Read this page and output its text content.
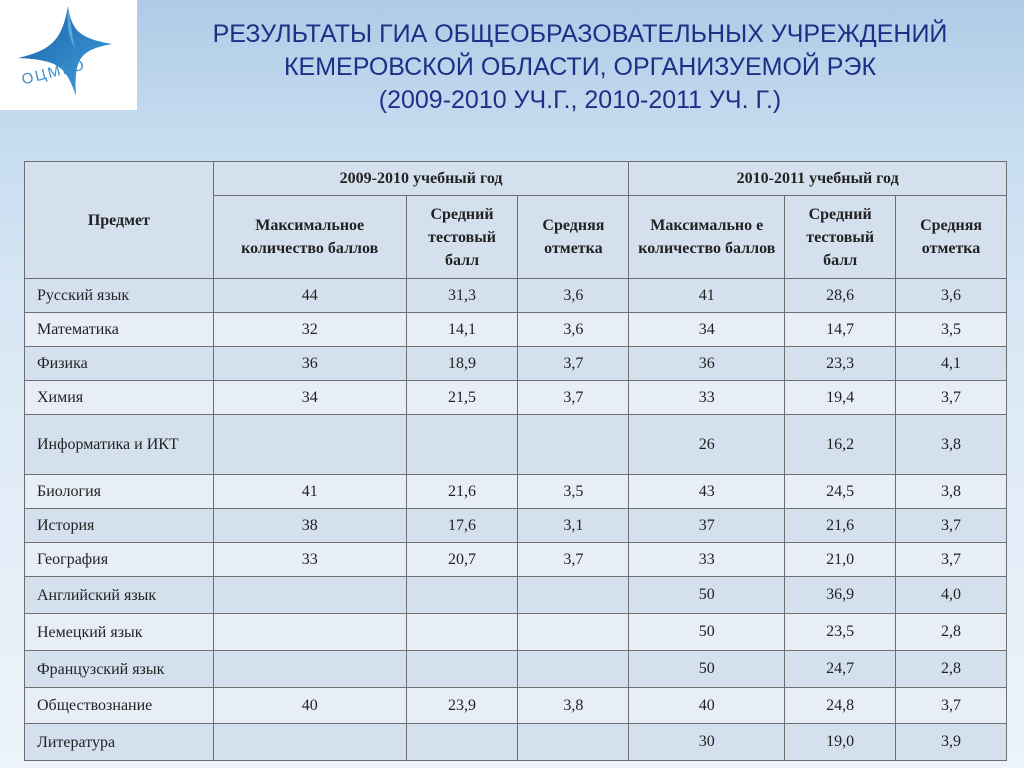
ОЦМКО
РЕЗУЛЬТАТЫ ГИА ОБЩЕОБРАЗОВАТЕЛЬНЫХ УЧРЕЖДЕНИЙ
КЕМЕРОВСКОЙ ОБЛАСТИ, ОРГАНИЗУЕМОЙ РЭК
(2009-2010 УЧ.Г., 2010-2011 УЧ. Г.)
Предмет	2009-2010 учебный год			2010-2011 учебный год		
	Максимальное количество баллов	Средний тестовый балл	Средняя отметка	Максимально е количество баллов	Средний тестовый балл	Средняя отметка
Русский язык	44	31,3	3,6	41	28,6	3,6
Математика	32	14,1	3,6	34	14,7	3,5
Физика	36	18,9	3,7	36	23,3	4,1
Химия	34	21,5	3,7	33	19,4	3,7
Информатика и ИКТ				26	16,2	3,8
Биология	41	21,6	3,5	43	24,5	3,8
История	38	17,6	3,1	37	21,6	3,7
География	33	20,7	3,7	33	21,0	3,7
Английский язык				50	36,9	4,0
Немецкий язык				50	23,5	2,8
Французский язык				50	24,7	2,8
Обществознание	40	23,9	3,8	40	24,8	3,7
Литература				30	19,0	3,9
